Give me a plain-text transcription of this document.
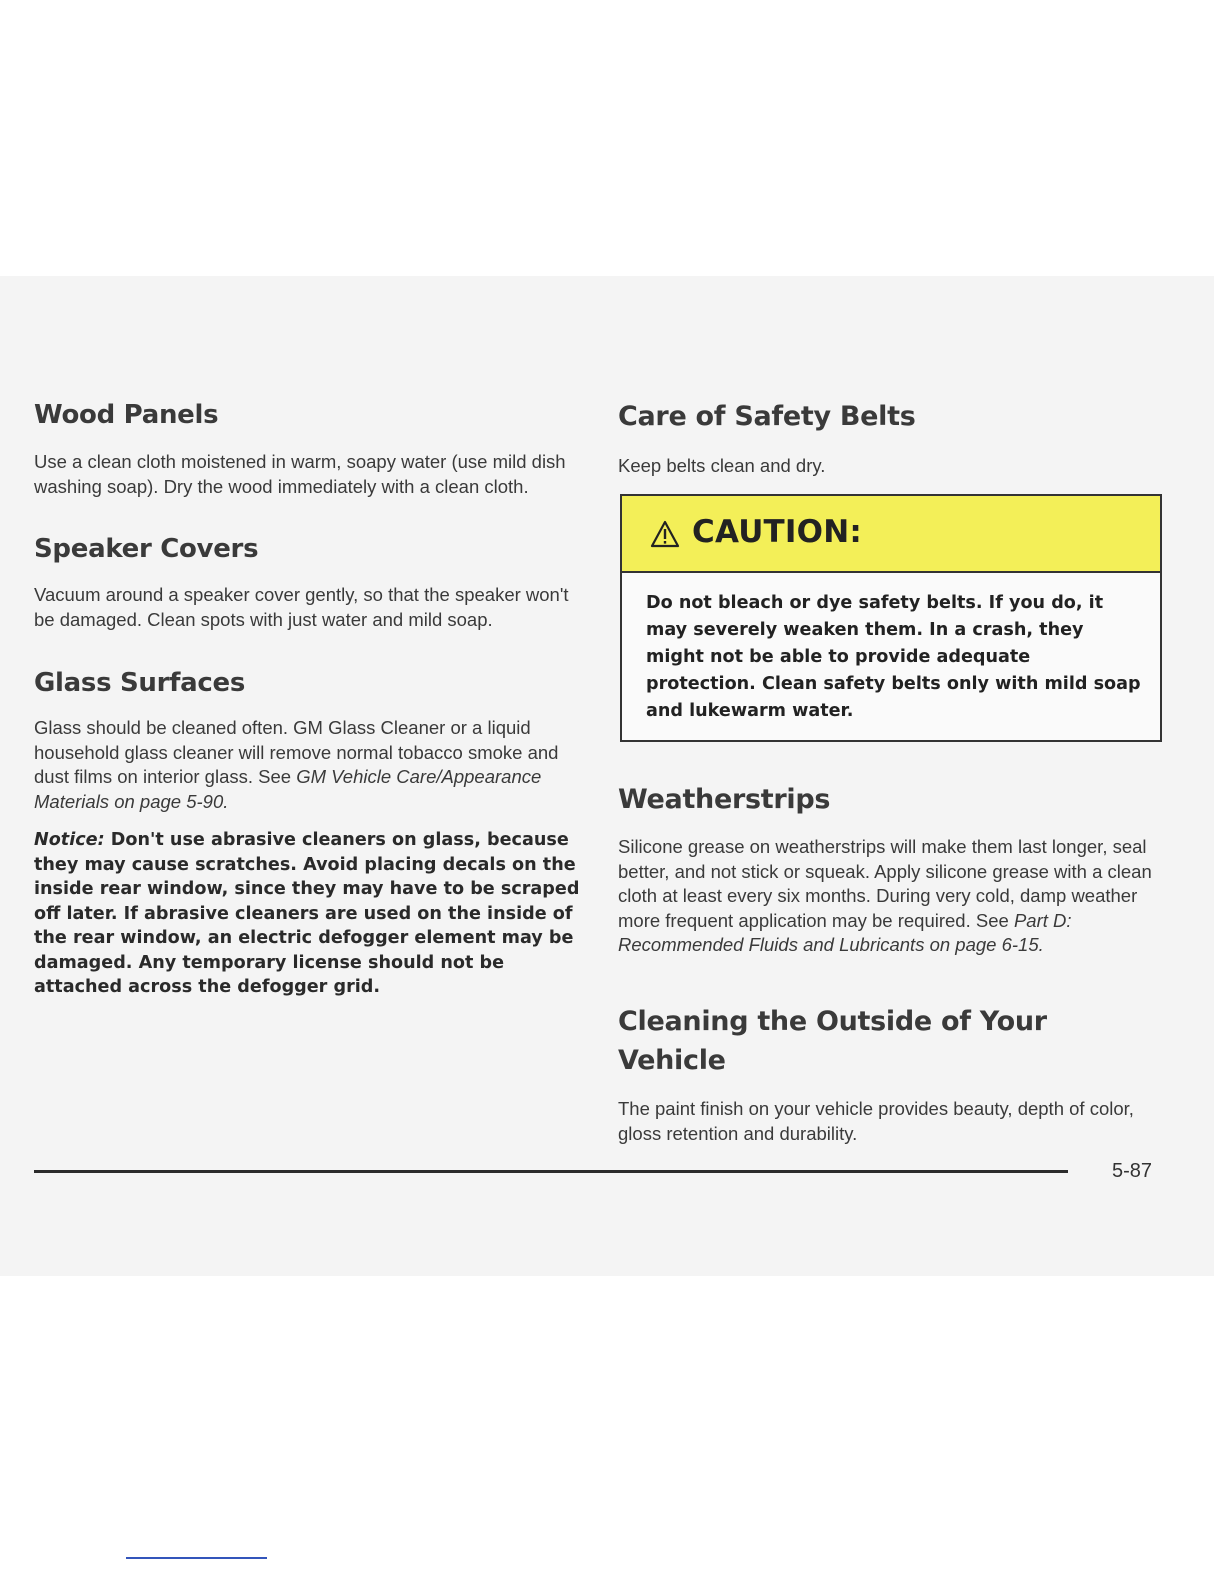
Wood Panels

Use a clean cloth moistened in warm, soapy water (use mild dish washing soap). Dry the wood immediately with a clean cloth.

Speaker Covers

Vacuum around a speaker cover gently, so that the speaker won't be damaged. Clean spots with just water and mild soap.

Glass Surfaces

Glass should be cleaned often. GM Glass Cleaner or a liquid household glass cleaner will remove normal tobacco smoke and dust films on interior glass. See GM Vehicle Care/Appearance Materials on page 5-90.

Notice: Don't use abrasive cleaners on glass, because they may cause scratches. Avoid placing decals on the inside rear window, since they may have to be scraped off later. If abrasive cleaners are used on the inside of the rear window, an electric defogger element may be damaged. Any temporary license should not be attached across the defogger grid.

Care of Safety Belts

Keep belts clean and dry.

Weatherstrips

Silicone grease on weatherstrips will make them last longer, seal better, and not stick or squeak. Apply silicone grease with a clean cloth at least every six months. During very cold, damp weather more frequent application may be required. See Part D: Recommended Fluids and Lubricants on page 6-15.

Cleaning the Outside of Your
Vehicle

The paint finish on your vehicle provides beauty, depth of color, gloss retention and durability.

5-87
CAUTION:

Do not bleach or dye safety belts. If you do, it may severely weaken them. In a crash, they might not be able to provide adequate protection. Clean safety belts only with mild soap and lukewarm water.
